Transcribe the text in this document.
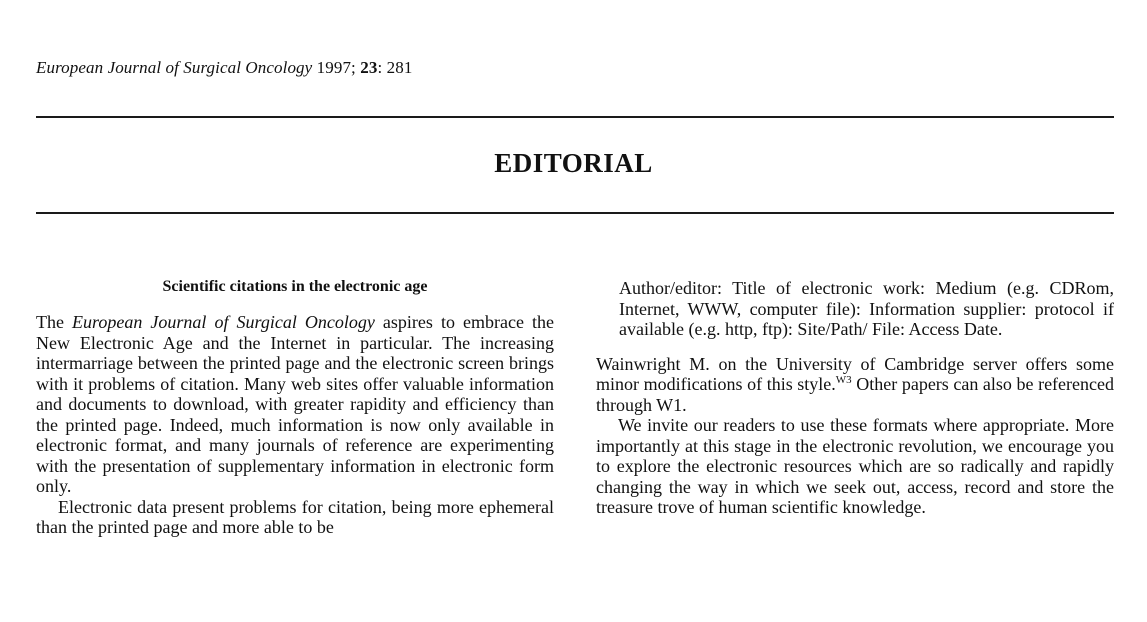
European Journal of Surgical Oncology 1997; 23: 281
EDITORIAL
Scientific citations in the electronic age

The European Journal of Surgical Oncology aspires to embrace the New Electronic Age and the Internet in particular. The increasing intermarriage between the printed page and the electronic screen brings with it problems of citation. Many web sites offer valuable information and documents to download, with greater rapidity and efficiency than the printed page. Indeed, much information is now only available in electronic format, and many journals of reference are experimenting with the presentation of supplementary information in electronic form only.

Electronic data present problems for citation, being more ephemeral than the printed page and more able to be

Author/editor: Title of electronic work: Medium (e.g. CDRom, Internet, WWW, computer file): Information supplier: protocol if available (e.g. http, ftp): Site/Path/ File: Access Date.

Wainwright M. on the University of Cambridge server offers some minor modifications of this style.$^{W3}$ Other papers can also be referenced through W1.

We invite our readers to use these formats where appropriate. More importantly at this stage in the electronic revolution, we encourage you to explore the electronic resources which are so radically and rapidly changing the way in which we seek out, access, record and store the treasure trove of human scientific knowledge.
